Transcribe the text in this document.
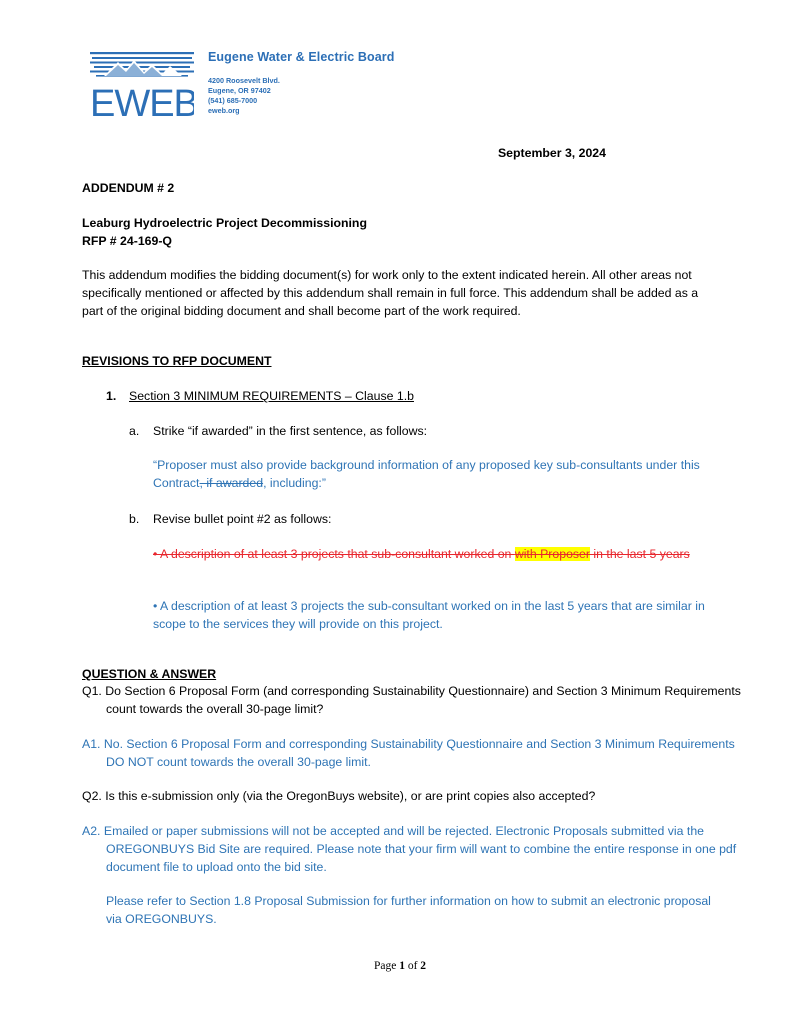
EWEB
Eugene Water & Electric Board
4200 Roosevelt Blvd.
Eugene, OR 97402
(541) 685-7000
eweb.org
September 3, 2024
ADDENDUM # 2
Leaburg Hydroelectric Project Decommissioning
RFP # 24-169-Q
This addendum modifies the bidding document(s) for work only to the extent indicated herein. All other areas not specifically mentioned or affected by this addendum shall remain in full force. This addendum shall be added as a part of the original bidding document and shall become part of the work required.
REVISIONS TO RFP DOCUMENT
1. Section 3 MINIMUM REQUIREMENTS – Clause 1.b
a. Strike “if awarded” in the first sentence, as follows:
“Proposer must also provide background information of any proposed key sub-consultants under this Contract, if awarded, including:”
b. Revise bullet point #2 as follows:
• A description of at least 3 projects that sub-consultant worked on with Proposer in the last 5 years
• A description of at least 3 projects the sub-consultant worked on in the last 5 years that are similar in scope to the services they will provide on this project.
QUESTION & ANSWER
Q1. Do Section 6 Proposal Form (and corresponding Sustainability Questionnaire) and Section 3 Minimum Requirements count towards the overall 30-page limit?
A1. No. Section 6 Proposal Form and corresponding Sustainability Questionnaire and Section 3 Minimum Requirements DO NOT count towards the overall 30-page limit.
Q2. Is this e-submission only (via the OregonBuys website), or are print copies also accepted?
A2. Emailed or paper submissions will not be accepted and will be rejected. Electronic Proposals submitted via the OREGONBUYS Bid Site are required. Please note that your firm will want to combine the entire response in one pdf document file to upload onto the bid site.
Please refer to Section 1.8 Proposal Submission for further information on how to submit an electronic proposal via OREGONBUYS.
Page 1 of 2
